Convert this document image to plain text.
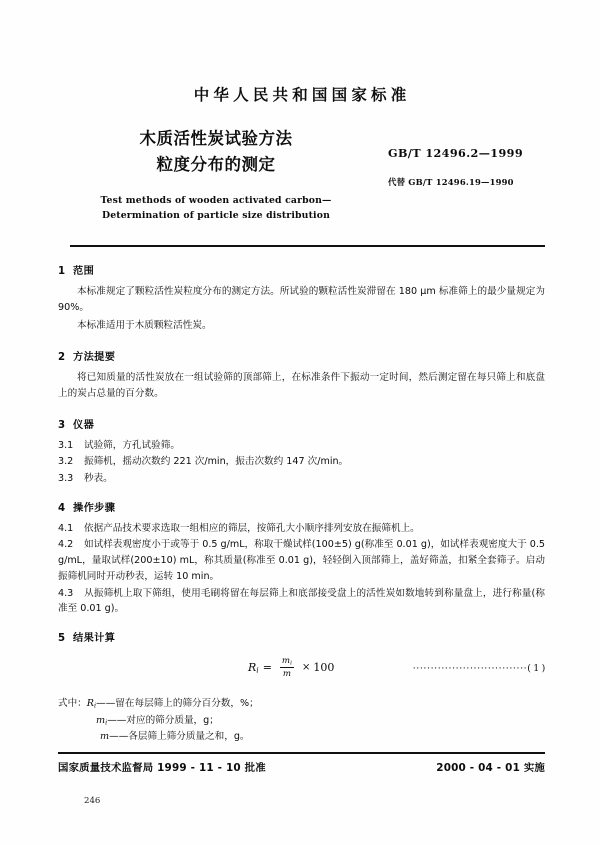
中华人民共和国国家标准
木质活性炭试验方法
粒度分布的测定
Test methods of wooden activated carbon—
Determination of particle size distribution
GB/T 12496.2—1999
代替 GB/T 12496.19—1990
1 范围

本标准规定了颗粒活性炭粒度分布的测定方法。所试验的颗粒活性炭滞留在 180 μm 标准筛上的最少量规定为 90%。

本标准适用于木质颗粒活性炭。

2 方法提要

将已知质量的活性炭放在一组试验筛的顶部筛上，在标准条件下振动一定时间，然后测定留在每只筛上和底盘上的炭占总量的百分数。

3 仪器

3.1 试验筛，方孔试验筛。

3.2 振筛机，摇动次数约 221 次/min，振击次数约 147 次/min。

3.3 秒表。

4 操作步骤

4.1 依据产品技术要求选取一组相应的筛层，按筛孔大小顺序排列安放在振筛机上。

4.2 如试样表观密度小于或等于 0.5 g/mL，称取干燥试样(100±5) g(称准至 0.01 g)，如试样表观密度大于 0.5 g/mL，量取试样(200±10) mL，称其质量(称准至 0.01 g)，轻轻倒入顶部筛上，盖好筛盖，扣紧全套筛子。启动振筛机同时开动秒表，运转 10 min。

4.3 从振筛机上取下筛组，使用毛刷将留在每层筛上和底部接受盘上的活性炭如数地转到称量盘上，进行称量(称准至 0.01 g)。

5 结果计算
$R_i = \frac{m_i}{m} \times 100$	································( 1 )
式中：$R_i——$留在每层筛上的筛分百分数，%；
$m_i——$对应的筛分质量，g；
m——各层筛上筛分质量之和，g。
国家质量技术监督局 1999 - 11 - 10 批准	2000 - 04 - 01 实施
246
